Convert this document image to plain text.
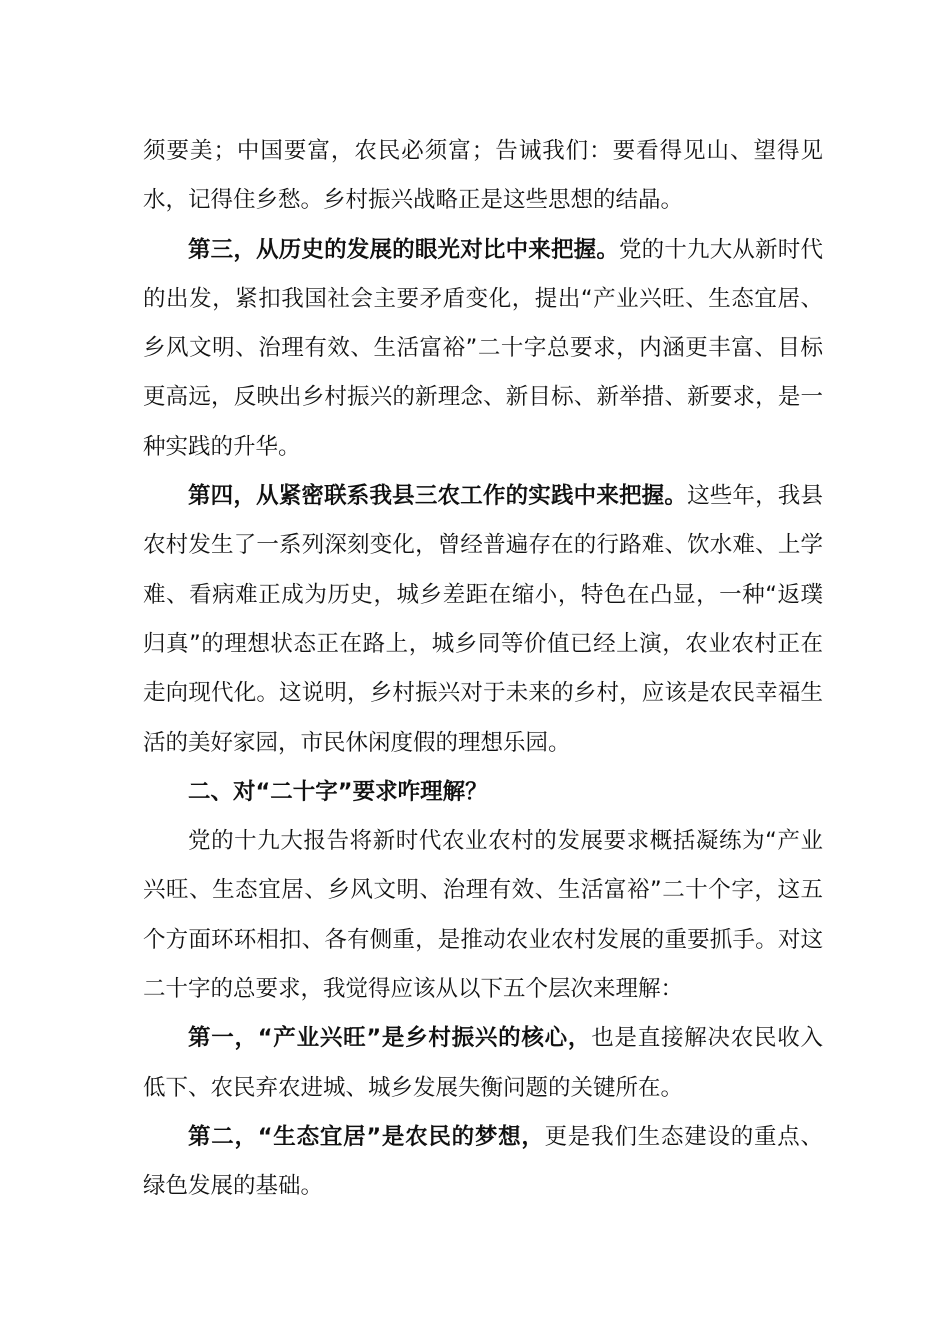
须要美；中国要富，农民必须富；告诫我们：要看得见山、望得见水，记得住乡愁。乡村振兴战略正是这些思想的结晶。

第三，从历史的发展的眼光对比中来把握。党的十九大从新时代的出发，紧扣我国社会主要矛盾变化，提出“产业兴旺、生态宜居、乡风文明、治理有效、生活富裕”二十字总要求，内涵更丰富、目标更高远，反映出乡村振兴的新理念、新目标、新举措、新要求，是一种实践的升华。

第四，从紧密联系我县三农工作的实践中来把握。这些年，我县农村发生了一系列深刻变化，曾经普遍存在的行路难、饮水难、上学难、看病难正成为历史，城乡差距在缩小，特色在凸显，一种“返璞归真”的理想状态正在路上，城乡同等价值已经上演，农业农村正在走向现代化。这说明，乡村振兴对于未来的乡村，应该是农民幸福生活的美好家园，市民休闲度假的理想乐园。

二、对“二十字”要求咋理解？

党的十九大报告将新时代农业农村的发展要求概括凝练为“产业兴旺、生态宜居、乡风文明、治理有效、生活富裕”二十个字，这五个方面环环相扣、各有侧重，是推动农业农村发展的重要抓手。对这二十字的总要求，我觉得应该从以下五个层次来理解：

第一，“产业兴旺”是乡村振兴的核心，也是直接解决农民收入低下、农民弃农进城、城乡发展失衡问题的关键所在。

第二，“生态宜居”是农民的梦想，更是我们生态建设的重点、绿色发展的基础。
